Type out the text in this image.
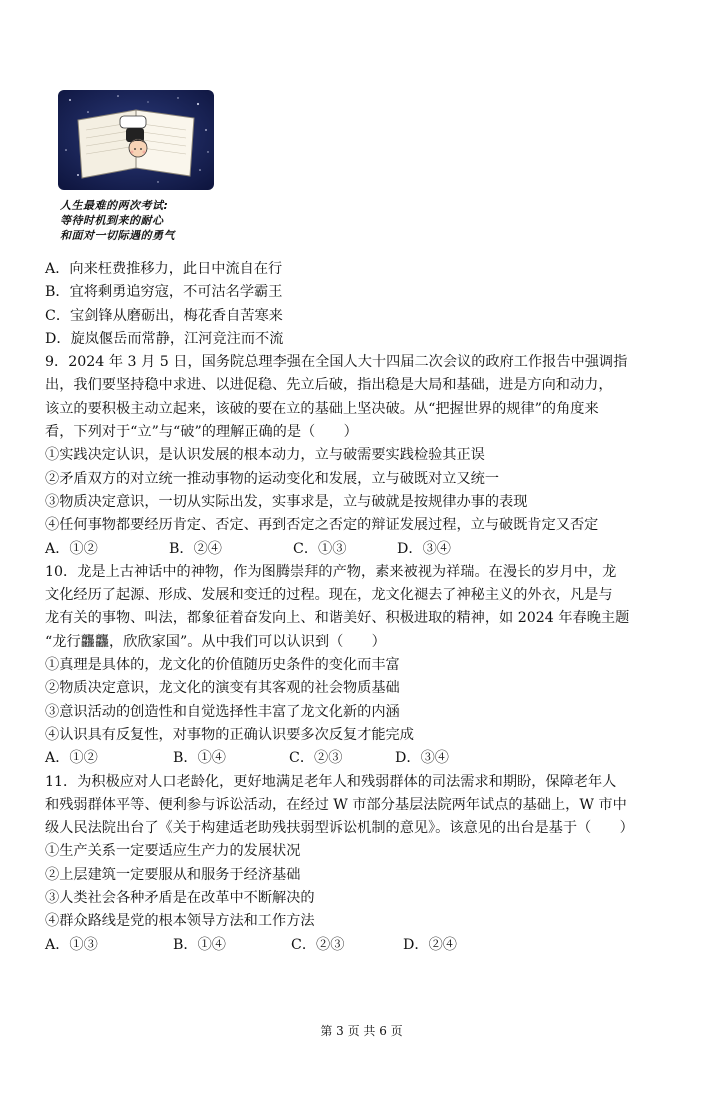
人生最难的两次考试:
等待时机到来的耐心
和面对一切际遇的勇气
A．向来枉费推移力，此日中流自在行
B．宜将剩勇追穷寇，不可沽名学霸王
C．宝剑锋从磨砺出，梅花香自苦寒来
D．旋岚偃岳而常静，江河竞注而不流
9．2024 年 3 月 5 日，国务院总理李强在全国人大十四届二次会议的政府工作报告中强调指
出，我们要坚持稳中求进、以进促稳、先立后破，指出稳是大局和基础，进是方向和动力，
该立的要积极主动立起来，该破的要在立的基础上坚决破。从“把握世界的规律”的角度来
看，下列对于“立”与“破”的理解正确的是（　　）
①实践决定认识，是认识发展的根本动力，立与破需要实践检验其正误
②矛盾双方的对立统一推动事物的运动变化和发展，立与破既对立又统一
③物质决定意识，一切从实际出发，实事求是，立与破就是按规律办事的表现
④任何事物都要经历肯定、否定、再到否定之否定的辩证发展过程，立与破既肯定又否定
A．①②	B．②④	C．①③	D．③④
10．龙是上古神话中的神物，作为图腾崇拜的产物，素来被视为祥瑞。在漫长的岁月中，龙
文化经历了起源、形成、发展和变迁的过程。现在，龙文化褪去了神秘主义的外衣，凡是与
龙有关的事物、叫法，都象征着奋发向上、和谐美好、积极进取的精神，如 2024 年春晚主题
“龙行龘龘，欣欣家国”。从中我们可以认识到（　　）
①真理是具体的，龙文化的价值随历史条件的变化而丰富
②物质决定意识，龙文化的演变有其客观的社会物质基础
③意识活动的创造性和自觉选择性丰富了龙文化新的内涵
④认识具有反复性，对事物的正确认识要多次反复才能完成
A．①②	B．①④	C．②③	D．③④
11．为积极应对人口老龄化，更好地满足老年人和残弱群体的司法需求和期盼，保障老年人
和残弱群体平等、便利参与诉讼活动，在经过 W 市部分基层法院两年试点的基础上，W 市中
级人民法院出台了《关于构建适老助残扶弱型诉讼机制的意见》。该意见的出台是基于（　　）
①生产关系一定要适应生产力的发展状况
②上层建筑一定要服从和服务于经济基础
③人类社会各种矛盾是在改革中不断解决的
④群众路线是党的根本领导方法和工作方法
A．①③	B．①④	C．②③	D．②④
第 3 页 共 6 页
